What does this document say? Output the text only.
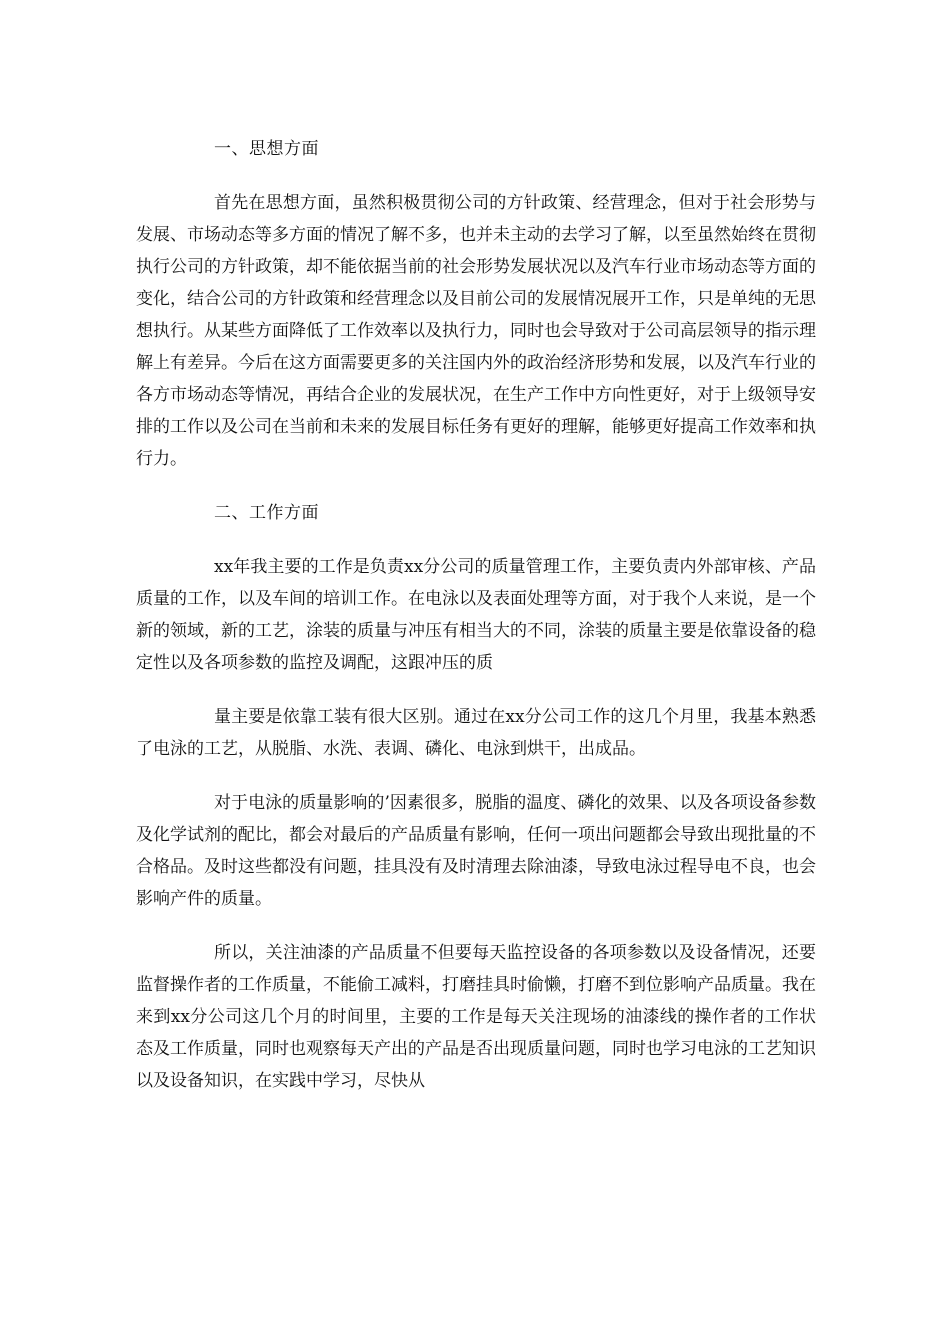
一、思想方面

首先在思想方面，虽然积极贯彻公司的方针政策、经营理念，但对于社会形势与发展、市场动态等多方面的情况了解不多，也并未主动的去学习了解，以至虽然始终在贯彻执行公司的方针政策，却不能依据当前的社会形势发展状况以及汽车行业市场动态等方面的变化，结合公司的方针政策和经营理念以及目前公司的发展情况展开工作，只是单纯的无思想执行。从某些方面降低了工作效率以及执行力，同时也会导致对于公司高层领导的指示理解上有差异。今后在这方面需要更多的关注国内外的政治经济形势和发展，以及汽车行业的各方市场动态等情况，再结合企业的发展状况，在生产工作中方向性更好，对于上级领导安排的工作以及公司在当前和未来的发展目标任务有更好的理解，能够更好提高工作效率和执行力。

二、工作方面

xx年我主要的工作是负责xx分公司的质量管理工作，主要负责内外部审核、产品质量的工作，以及车间的培训工作。在电泳以及表面处理等方面，对于我个人来说，是一个新的领域，新的工艺，涂装的质量与冲压有相当大的不同，涂装的质量主要是依靠设备的稳定性以及各项参数的监控及调配，这跟冲压的质

量主要是依靠工装有很大区别。通过在xx分公司工作的这几个月里，我基本熟悉了电泳的工艺，从脱脂、水洗、表调、磷化、电泳到烘干，出成品。

对于电泳的质量影响的’因素很多，脱脂的温度、磷化的效果、以及各项设备参数及化学试剂的配比，都会对最后的产品质量有影响，任何一项出问题都会导致出现批量的不合格品。及时这些都没有问题，挂具没有及时清理去除油漆，导致电泳过程导电不良，也会影响产件的质量。

所以，关注油漆的产品质量不但要每天监控设备的各项参数以及设备情况，还要监督操作者的工作质量，不能偷工减料，打磨挂具时偷懒，打磨不到位影响产品质量。我在来到xx分公司这几个月的时间里，主要的工作是每天关注现场的油漆线的操作者的工作状态及工作质量，同时也观察每天产出的产品是否出现质量问题，同时也学习电泳的工艺知识以及设备知识，在实践中学习，尽快从
